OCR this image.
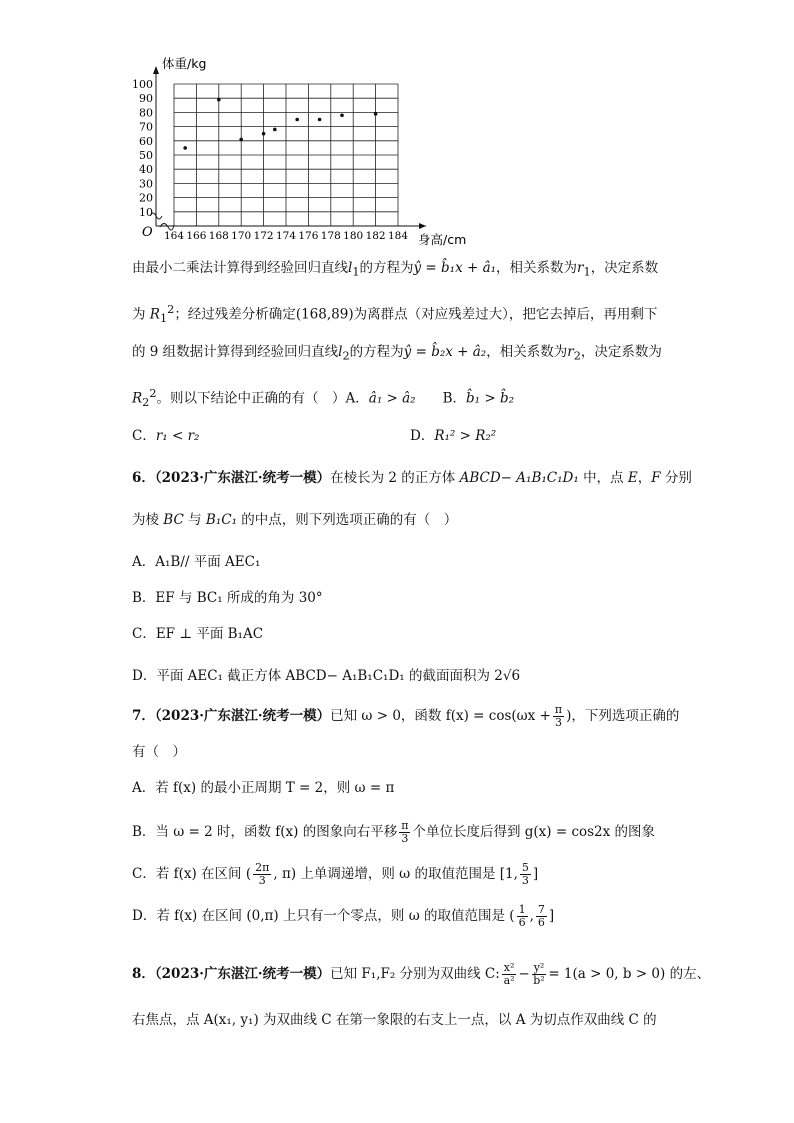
10
20
30
40
50
60
70
80
90
100
164 166 168 170 172 174 176 178 180 182 184
体重/kg
身高/cm
O
由最小二乘法计算得到经验回归直线$l_1$的方程为ŷ = b̂₁x + â₁，相关系数为$r_1$，决定系数
为 $R_1^2$；经过残差分析确定(168,89)为离群点（对应残差过大），把它去掉后，再用剩下
的 9 组数据计算得到经验回归直线$l_2$的方程为ŷ = b̂₂x + â₂，相关系数为$r_2$，决定系数为
$R_2^2$。则以下结论中正确的有（　）A．â₁ > â₂　　 B．b̂₁ > b̂₂
C．r₁ < r₂	D．R₁² > R₂²
6．（2023·广东湛江·统考一模）在棱长为 2 的正方体 ABCD− A₁B₁C₁D₁ 中，点 E，F 分别
为棱 BC 与 B₁C₁ 的中点，则下列选项正确的有（　）
A．A₁B// 平面 AEC₁
B．EF 与 BC₁ 所成的角为 30°
C．EF ⊥ 平面 B₁AC
D．平面 AEC₁ 截正方体 ABCD− A₁B₁C₁D₁ 的截面面积为 2√6
7．（2023·广东湛江·统考一模）已知 ω > 0，函数 $f(x) = \cos(\omega x + \frac{\pi}{3}$ )，下列选项正确的
有（　）
A．若 f(x) 的最小正周期 T = 2，则 ω = π
B．当 ω = 2 时，函数 f(x) 的图象向右平移 $\frac{\pi}{3}$ 个单位长度后得到 g(x) = cos2x 的图象
C．若 f(x) 在区间 ( $\frac{2\pi}{3}$ , π) 上单调递增，则 ω 的取值范围是 [1, $\frac{5}{3}$ ]
D．若 f(x) 在区间 (0,π) 上只有一个零点，则 ω 的取值范围是 ( $\frac{1}{6}$ , $\frac{7}{6}$ ]
8．（2023·广东湛江·统考一模）已知 F₁,F₂ 分别为双曲线 C: $\frac{\text{x²}}{\text{a²}} - \frac{\text{y²}}{\text{b²}} = 1(a > 0$, b > 0) 的左、
右焦点，点 A(x₁, y₁) 为双曲线 C 在第一象限的右支上一点，以 A 为切点作双曲线 C 的
